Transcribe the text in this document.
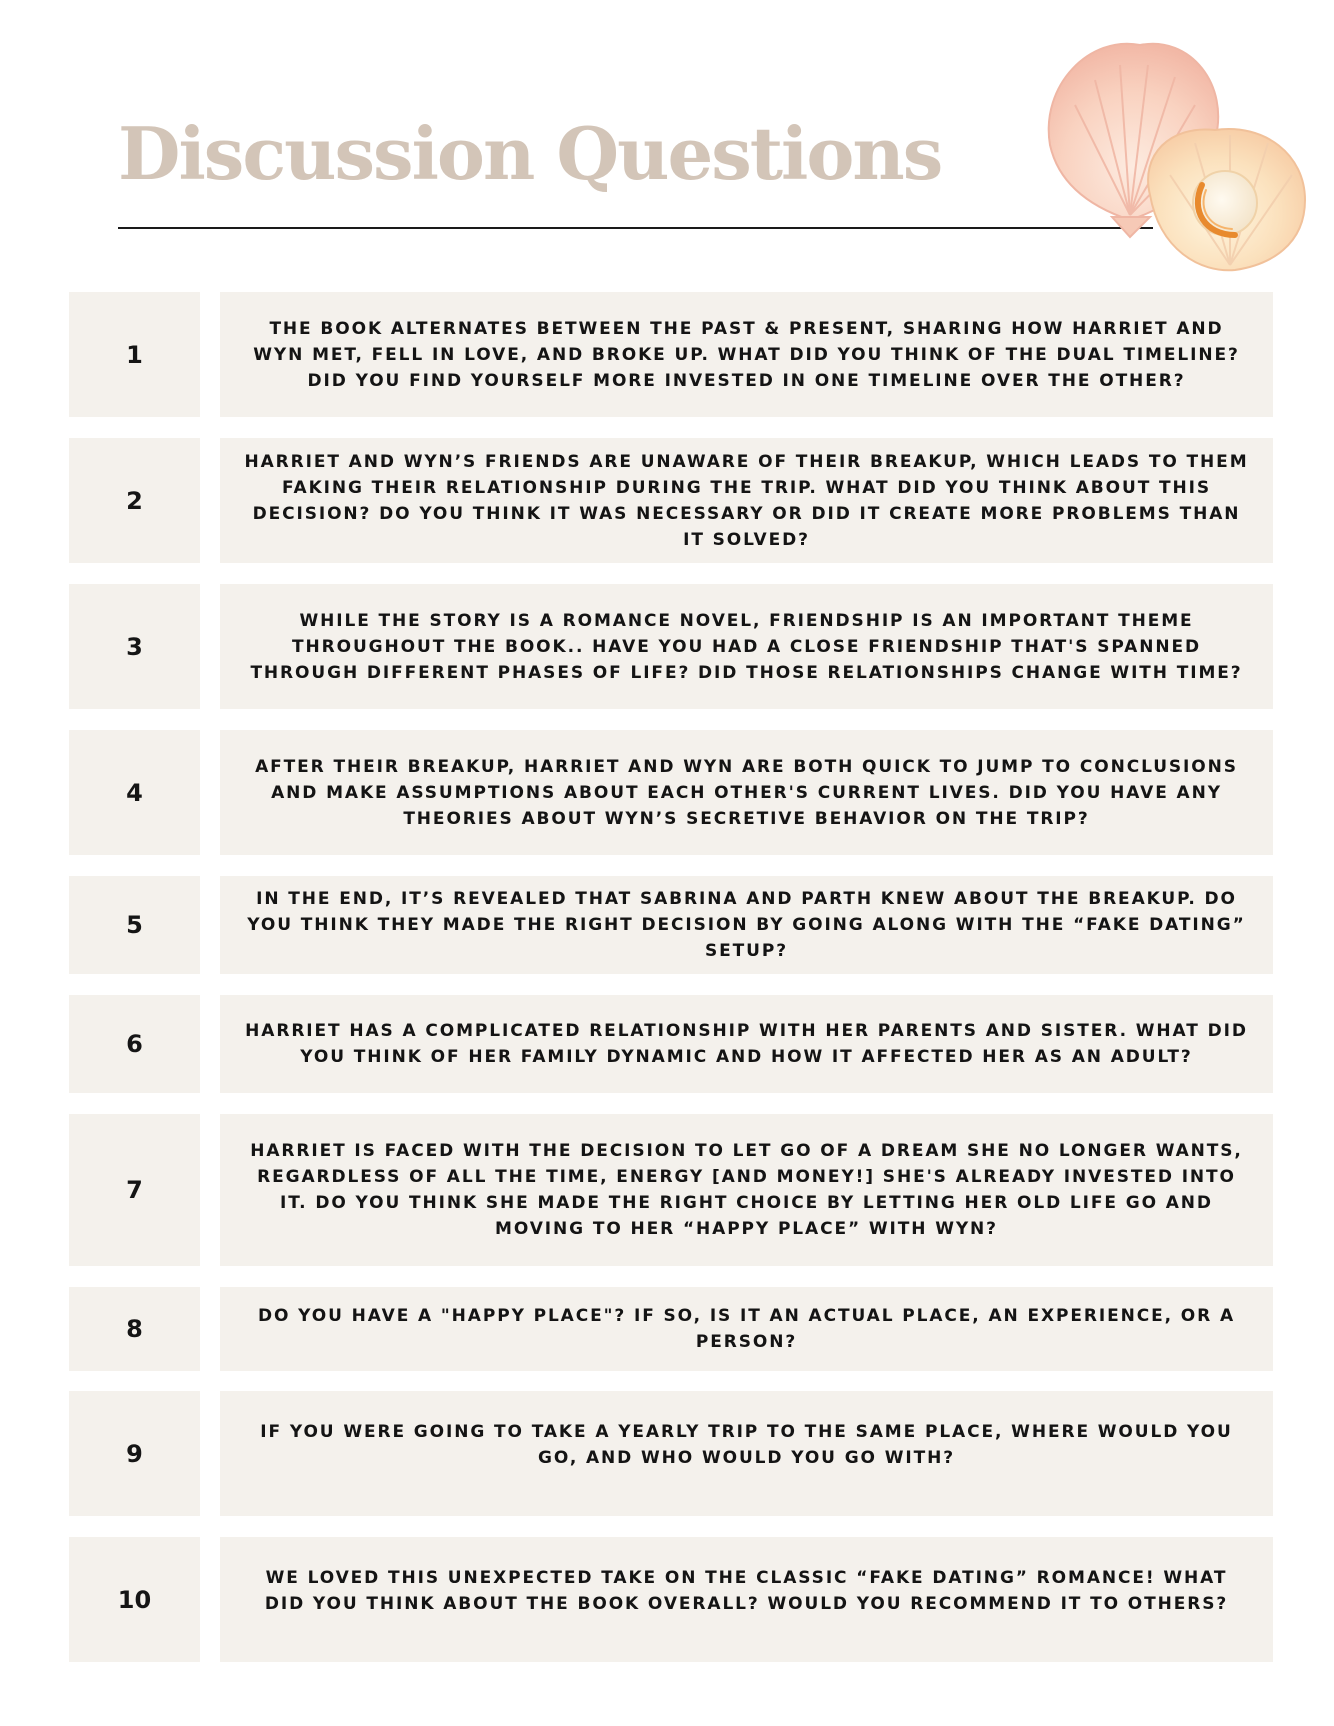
Discussion Questions
1
THE BOOK ALTERNATES BETWEEN THE PAST & PRESENT, SHARING HOW HARRIET AND WYN MET, FELL IN LOVE, AND BROKE UP. WHAT DID YOU THINK OF THE DUAL TIMELINE? DID YOU FIND YOURSELF MORE INVESTED IN ONE TIMELINE OVER THE OTHER?
2
HARRIET AND WYN’S FRIENDS ARE UNAWARE OF THEIR BREAKUP, WHICH LEADS TO THEM FAKING THEIR RELATIONSHIP DURING THE TRIP. WHAT DID YOU THINK ABOUT THIS DECISION? DO YOU THINK IT WAS NECESSARY OR DID IT CREATE MORE PROBLEMS THAN IT SOLVED?
3
WHILE THE STORY IS A ROMANCE NOVEL, FRIENDSHIP IS AN IMPORTANT THEME THROUGHOUT THE BOOK.. HAVE YOU HAD A CLOSE FRIENDSHIP THAT'S SPANNED THROUGH DIFFERENT PHASES OF LIFE? DID THOSE RELATIONSHIPS CHANGE WITH TIME?
4
AFTER THEIR BREAKUP, HARRIET AND WYN ARE BOTH QUICK TO JUMP TO CONCLUSIONS AND MAKE ASSUMPTIONS ABOUT EACH OTHER'S CURRENT LIVES. DID YOU HAVE ANY THEORIES ABOUT WYN’S SECRETIVE BEHAVIOR ON THE TRIP?
5
IN THE END, IT’S REVEALED THAT SABRINA AND PARTH KNEW ABOUT THE BREAKUP. DO YOU THINK THEY MADE THE RIGHT DECISION BY GOING ALONG WITH THE “FAKE DATING” SETUP?
6	HARRIET HAS A COMPLICATED RELATIONSHIP WITH HER PARENTS AND SISTER. WHAT DID YOU THINK OF HER FAMILY DYNAMIC AND HOW IT AFFECTED HER AS AN ADULT?
7
HARRIET IS FACED WITH THE DECISION TO LET GO OF A DREAM SHE NO LONGER WANTS, REGARDLESS OF ALL THE TIME, ENERGY [AND MONEY!] SHE'S ALREADY INVESTED INTO IT. DO YOU THINK SHE MADE THE RIGHT CHOICE BY LETTING HER OLD LIFE GO AND MOVING TO HER “HAPPY PLACE” WITH WYN?
8	DO YOU HAVE A "HAPPY PLACE"? IF SO, IS IT AN ACTUAL PLACE, AN EXPERIENCE, OR A PERSON?
9
IF YOU WERE GOING TO TAKE A YEARLY TRIP TO THE SAME PLACE, WHERE WOULD YOU GO, AND WHO WOULD YOU GO WITH?
10
WE LOVED THIS UNEXPECTED TAKE ON THE CLASSIC “FAKE DATING” ROMANCE! WHAT DID YOU THINK ABOUT THE BOOK OVERALL? WOULD YOU RECOMMEND IT TO OTHERS?
